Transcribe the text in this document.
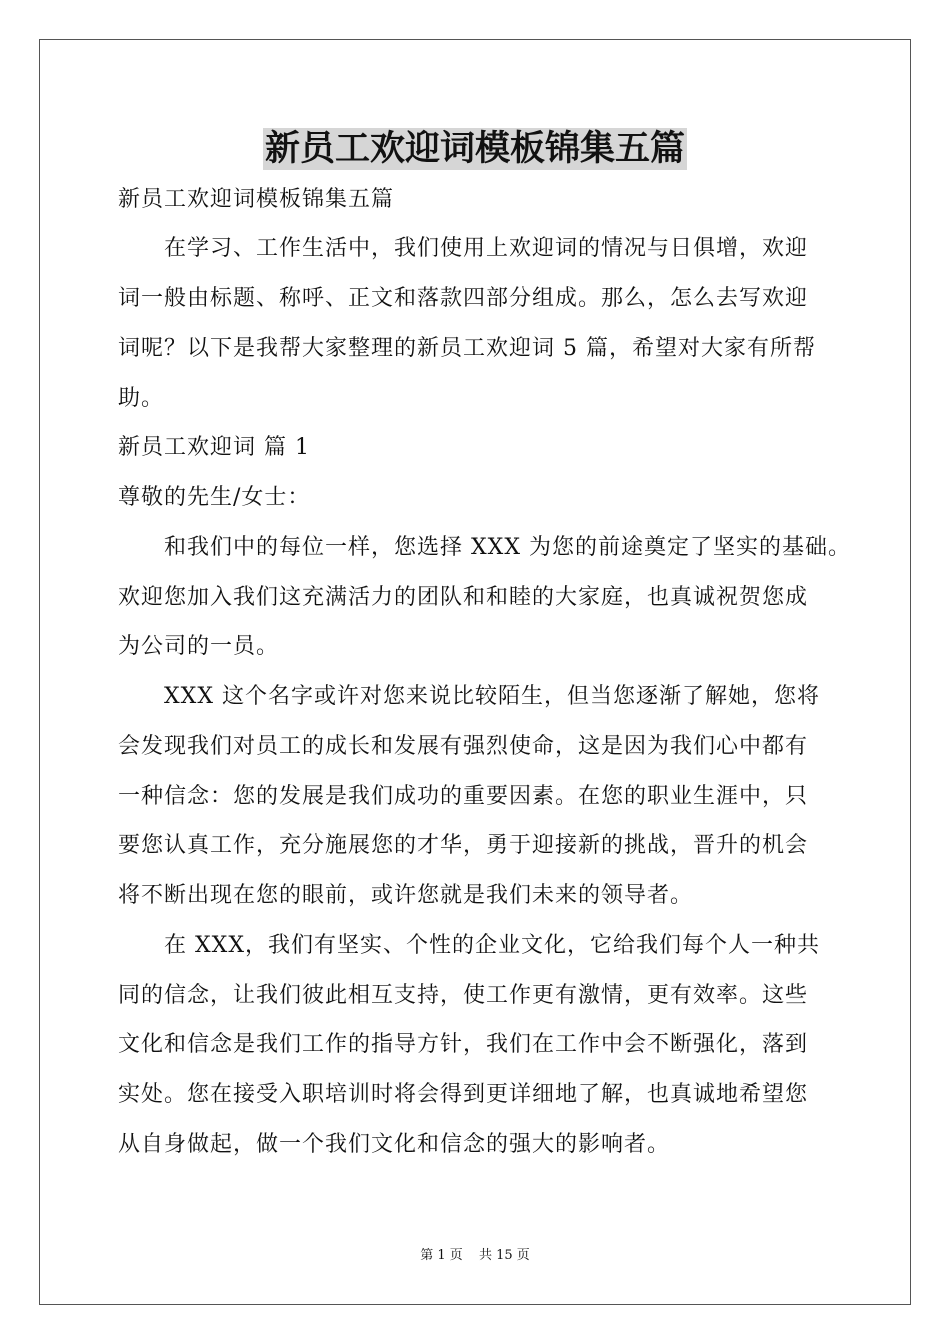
新员工欢迎词模板锦集五篇
新员工欢迎词模板锦集五篇
　　在学习、工作生活中，我们使用上欢迎词的情况与日俱增，欢迎
词一般由标题、称呼、正文和落款四部分组成。那么，怎么去写欢迎
词呢？以下是我帮大家整理的新员工欢迎词 5 篇，希望对大家有所帮
助。
新员工欢迎词 篇 1
尊敬的先生/女士：
　　和我们中的每位一样，您选择 XXX 为您的前途奠定了坚实的基础。
欢迎您加入我们这充满活力的团队和和睦的大家庭，也真诚祝贺您成
为公司的一员。
　　XXX 这个名字或许对您来说比较陌生，但当您逐渐了解她，您将
会发现我们对员工的成长和发展有强烈使命，这是因为我们心中都有
一种信念：您的发展是我们成功的重要因素。在您的职业生涯中，只
要您认真工作，充分施展您的才华，勇于迎接新的挑战，晋升的机会
将不断出现在您的眼前，或许您就是我们未来的领导者。
　　在 XXX，我们有坚实、个性的企业文化，它给我们每个人一种共
同的信念，让我们彼此相互支持，使工作更有激情，更有效率。这些
文化和信念是我们工作的指导方针，我们在工作中会不断强化，落到
实处。您在接受入职培训时将会得到更详细地了解，也真诚地希望您
从自身做起，做一个我们文化和信念的强大的影响者。
第 1 页 共 15 页
